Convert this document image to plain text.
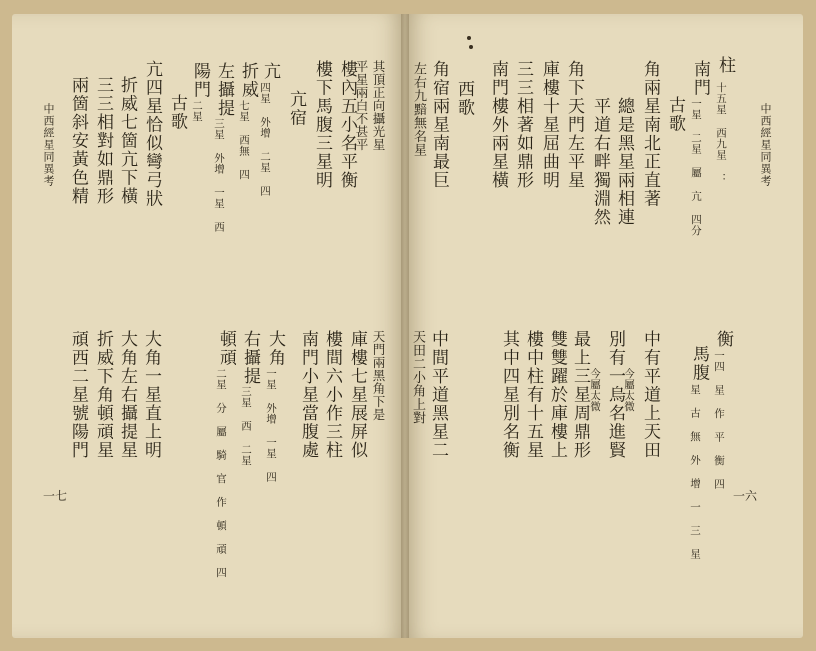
中西經星同異考
中西經星同異考
一六
一七
柱
十五星 西九星 ：
南門
一星 二星 屬 亢 四分
古歌
角兩星南北正直著
總是黑星兩相連
平道右畔獨淵然
角下天門左平星
庫樓十星屈曲明
三三相著如鼎形
南門樓外兩星橫
西歌
角宿兩星南最巨
左右九黯無名星
衡
一四 星 作 平 衡 四
馬腹
星 古 無 外 增 一 三 星
中有平道上天田
今屬太微
別有一烏名進賢
今屬太微
最上三星周鼎形
雙雙躍於庫樓上
樓中柱有十五星
其中四星別名衡
中間平道黑星二
天田二小角上對
其頂正向攝光星
平星兩白不甚平
樓內五小名平衡
樓下馬腹三星明
亢宿
亢
四星 外增 二星 四
折威
七星 西無 四
左攝提
三星 外增 一星 西
陽門
二星
古歌
亢四星恰似彎弓狀
折威七箇亢下橫
三三相對如鼎形
兩箇斜安黃色精
天門兩黑角下是
庫樓七星展屏似
樓間六小作三柱
南門小星當腹處
大角
一星 外增 一星 四
右攝提
三星 西 二星
頓頑
二星 分 屬 騎 官 作 頓 頑 四
大角一星直上明
大角左右攝提星
折威下角頓頑星
頑西二星號陽門
